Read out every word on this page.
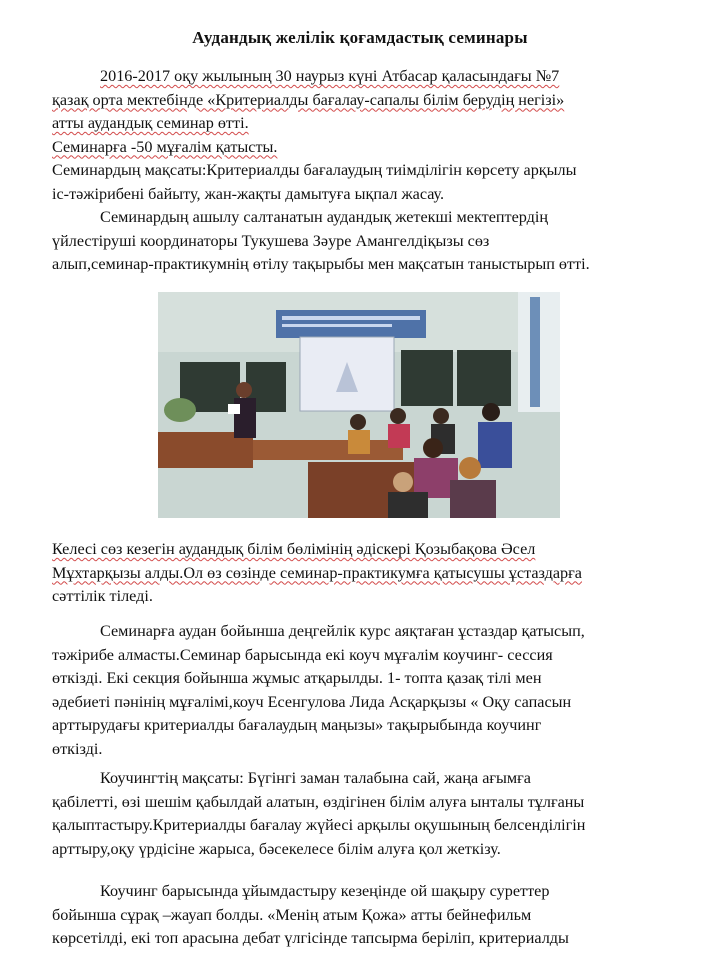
Аудандық желілік қоғамдастық семинары
2016-2017 оқу жылының 30 наурыз күні Атбасар қаласындағы №7
қазақ орта мектебінде «Критериалды бағалау-сапалы білім берудің негізі»
атты аудандық семинар өтті.
Семинарға -50 мұғалім қатысты.
Семинардың мақсаты:Критериалды бағалаудың тиімділігін көрсету арқылы
іс-тәжірибені байыту, жан-жақты дамытуға ықпал жасау.
Семинардың ашылу салтанатын аудандық жетекші мектептердің
үйлестіруші координаторы Тукушева Зәуре Амангелдіқызы сөз
алып,семинар-практикумнің өтілу тақырыбы мен мақсатын таныстырып өтті.
Келесі сөз кезегін аудандық білім бөлімінің әдіскері Қозыбақова Әсел
Мұхтарқызы алды.Ол өз сөзінде семинар-практикумға қатысушы ұстаздарға
сәттілік тіледі.
Семинарға аудан бойынша деңгейлік курс аяқтаған ұстаздар қатысып,
тәжірибе алмасты.Семинар барысында екі коуч мұғалім коучинг- сессия
өткізді. Екі секция бойынша жұмыс атқарылды. 1- топта қазақ тілі мен
әдебиеті пәнінің мұғалімі,коуч Есенгулова Лида Асқарқызы « Оқу сапасын
арттырудағы критериалды бағалаудың маңызы» тақырыбында коучинг
өткізді.
Коучингтің мақсаты: Бүгінгі заман талабына сай, жаңа ағымға
қабілетті, өзі шешім қабылдай алатын, өздігінен білім алуға ынталы тұлғаны
қалыптастыру.Критериалды бағалау жүйесі арқылы оқушының белсенділігін
арттыру,оқу үрдісіне жарыса, бәсекелесе білім алуға қол жеткізу.
Коучинг барысында ұйымдастыру кезеңінде ой шақыру суреттер
бойынша сұрақ –жауап болды. «Менің атым Қожа» атты бейнефильм
көрсетілді, екі топ арасына дебат үлгісінде тапсырма беріліп, критериалды
